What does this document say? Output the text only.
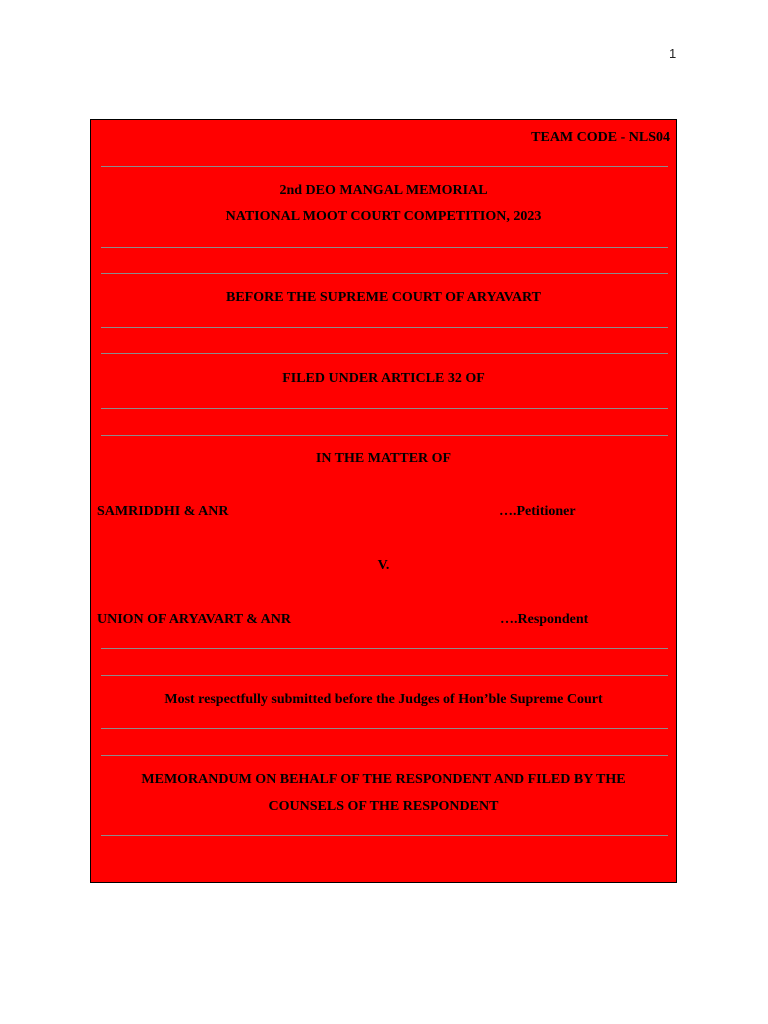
1
TEAM CODE - NLS04
2nd DEO MANGAL MEMORIAL
NATIONAL MOOT COURT COMPETITION, 2023
BEFORE THE SUPREME COURT OF ARYAVART
FILED UNDER ARTICLE 32 OF
IN THE MATTER OF
SAMRIDDHI & ANR	….Petitioner
V.
UNION OF ARYAVART & ANR	….Respondent
Most respectfully submitted before the Judges of Hon’ble Supreme Court
MEMORANDUM ON BEHALF OF THE RESPONDENT AND FILED BY THE
COUNSELS OF THE RESPONDENT
